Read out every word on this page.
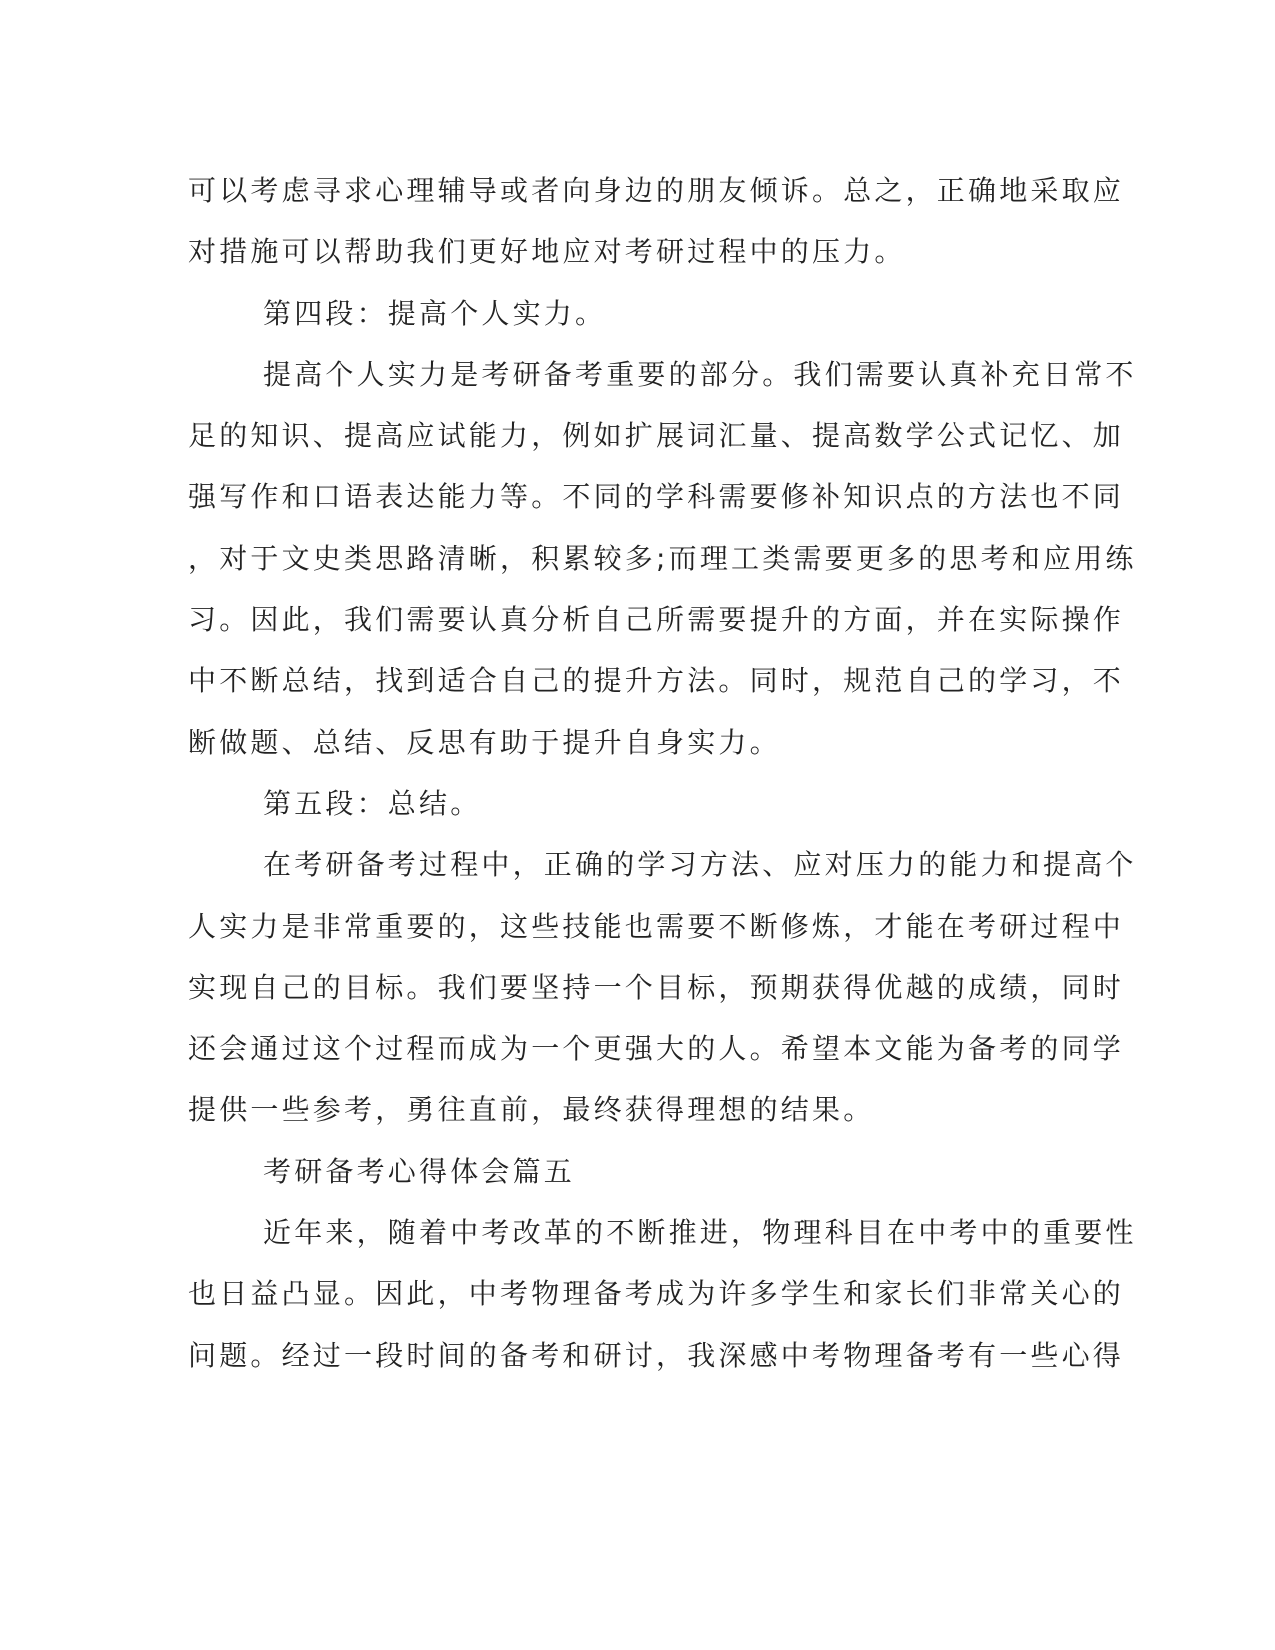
可以考虑寻求心理辅导或者向身边的朋友倾诉。总之，正确地采取应
对措施可以帮助我们更好地应对考研过程中的压力。
第四段：提高个人实力。
提高个人实力是考研备考重要的部分。我们需要认真补充日常不
足的知识、提高应试能力，例如扩展词汇量、提高数学公式记忆、加
强写作和口语表达能力等。不同的学科需要修补知识点的方法也不同
，对于文史类思路清晰，积累较多;而理工类需要更多的思考和应用练
习。因此，我们需要认真分析自己所需要提升的方面，并在实际操作
中不断总结，找到适合自己的提升方法。同时，规范自己的学习，不
断做题、总结、反思有助于提升自身实力。
第五段：总结。
在考研备考过程中，正确的学习方法、应对压力的能力和提高个
人实力是非常重要的，这些技能也需要不断修炼，才能在考研过程中
实现自己的目标。我们要坚持一个目标，预期获得优越的成绩，同时
还会通过这个过程而成为一个更强大的人。希望本文能为备考的同学
提供一些参考，勇往直前，最终获得理想的结果。
考研备考心得体会篇五
近年来，随着中考改革的不断推进，物理科目在中考中的重要性
也日益凸显。因此，中考物理备考成为许多学生和家长们非常关心的
问题。经过一段时间的备考和研讨，我深感中考物理备考有一些心得
